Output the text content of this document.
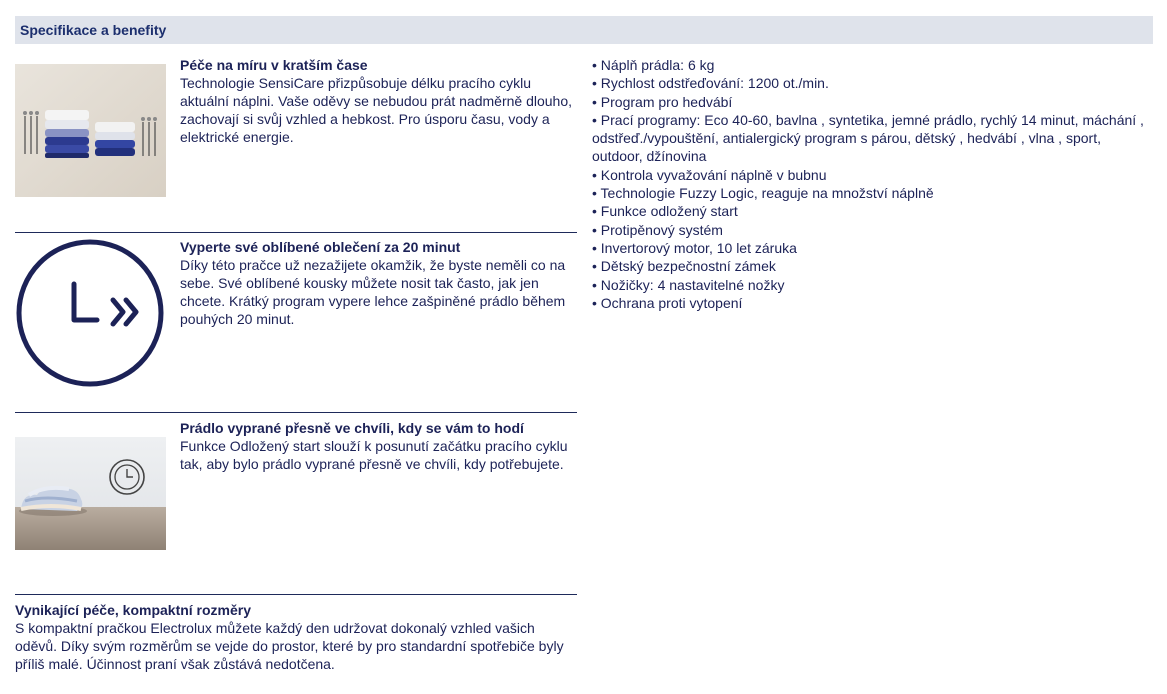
Specifikace a benefity
Péče na míru v kratším čase
Technologie SensiCare přizpůsobuje délku pracího cyklu aktuální náplni. Vaše oděvy se nebudou prát nadměrně dlouho, zachovají si svůj vzhled a hebkost. Pro úsporu času, vody a elektrické energie.
Vyperte své oblíbené oblečení za 20 minut
Díky této pračce už nezažijete okamžik, že byste neměli co na sebe. Své oblíbené kousky můžete nosit tak často, jak jen chcete. Krátký program vypere lehce zašpiněné prádlo během pouhých 20 minut.
Prádlo vyprané přesně ve chvíli, kdy se vám to hodí
Funkce Odložený start slouží k posunutí začátku pracího cyklu tak, aby bylo prádlo vyprané přesně ve chvíli, kdy potřebujete.
Vynikající péče, kompaktní rozměry
S kompaktní pračkou Electrolux můžete každý den udržovat dokonalý vzhled vašich oděvů. Díky svým rozměrům se vejde do prostor, které by pro standardní spotřebiče byly příliš malé. Účinnost praní však zůstává nedotčena.
• Náplň prádla: 6 kg
• Rychlost odstřeďování: 1200 ot./min.
• Program pro hedvábí
• Prací programy: Eco 40-60, bavlna , syntetika, jemné prádlo, rychlý 14 minut, máchání , odstřeď./vypouštění, antialergický program s párou, dětský , hedvábí , vlna , sport, outdoor, džínovina
• Kontrola vyvažování náplně v bubnu
• Technologie Fuzzy Logic, reaguje na množství náplně
• Funkce odložený start
• Protipěnový systém
• Invertorový motor, 10 let záruka
• Dětský bezpečnostní zámek
• Nožičky: 4 nastavitelné nožky
• Ochrana proti vytopení
